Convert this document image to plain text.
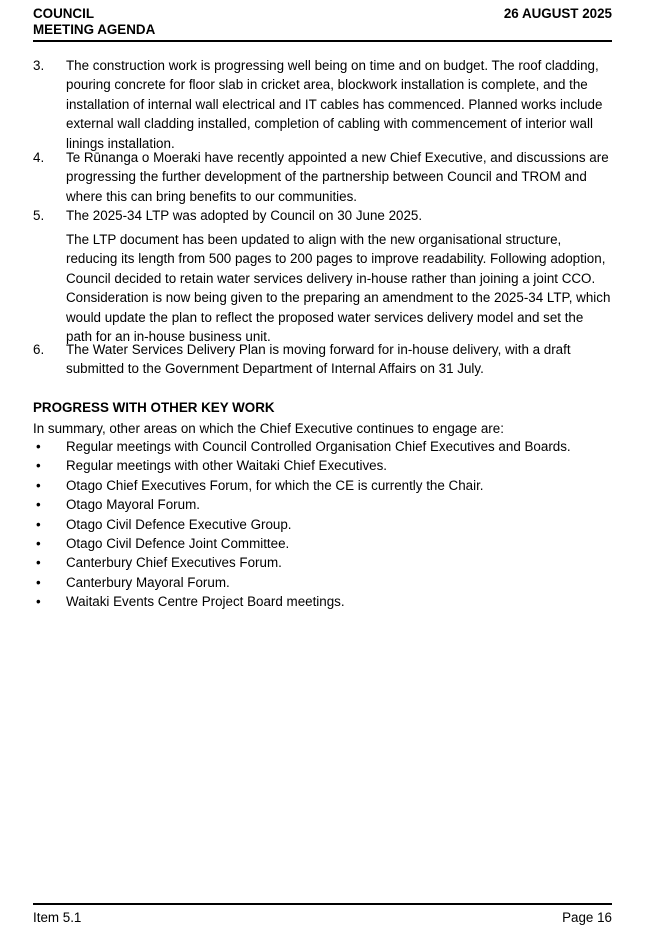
COUNCIL
MEETING AGENDA
26 AUGUST 2025
3. The construction work is progressing well being on time and on budget. The roof cladding, pouring concrete for floor slab in cricket area, blockwork installation is complete, and the installation of internal wall electrical and IT cables has commenced. Planned works include external wall cladding installed, completion of cabling with commencement of interior wall linings installation.
4. Te Rūnanga o Moeraki have recently appointed a new Chief Executive, and discussions are progressing the further development of the partnership between Council and TROM and where this can bring benefits to our communities.
5. The 2025-34 LTP was adopted by Council on 30 June 2025.
The LTP document has been updated to align with the new organisational structure, reducing its length from 500 pages to 200 pages to improve readability. Following adoption, Council decided to retain water services delivery in-house rather than joining a joint CCO. Consideration is now being given to the preparing an amendment to the 2025-34 LTP, which would update the plan to reflect the proposed water services delivery model and set the path for an in-house business unit.
6. The Water Services Delivery Plan is moving forward for in-house delivery, with a draft submitted to the Government Department of Internal Affairs on 31 July.
PROGRESS WITH OTHER KEY WORK
In summary, other areas on which the Chief Executive continues to engage are:
• Regular meetings with Council Controlled Organisation Chief Executives and Boards.
• Regular meetings with other Waitaki Chief Executives.
• Otago Chief Executives Forum, for which the CE is currently the Chair.
• Otago Mayoral Forum.
• Otago Civil Defence Executive Group.
• Otago Civil Defence Joint Committee.
• Canterbury Chief Executives Forum.
• Canterbury Mayoral Forum.
• Waitaki Events Centre Project Board meetings.
Item 5.1	Page 16
